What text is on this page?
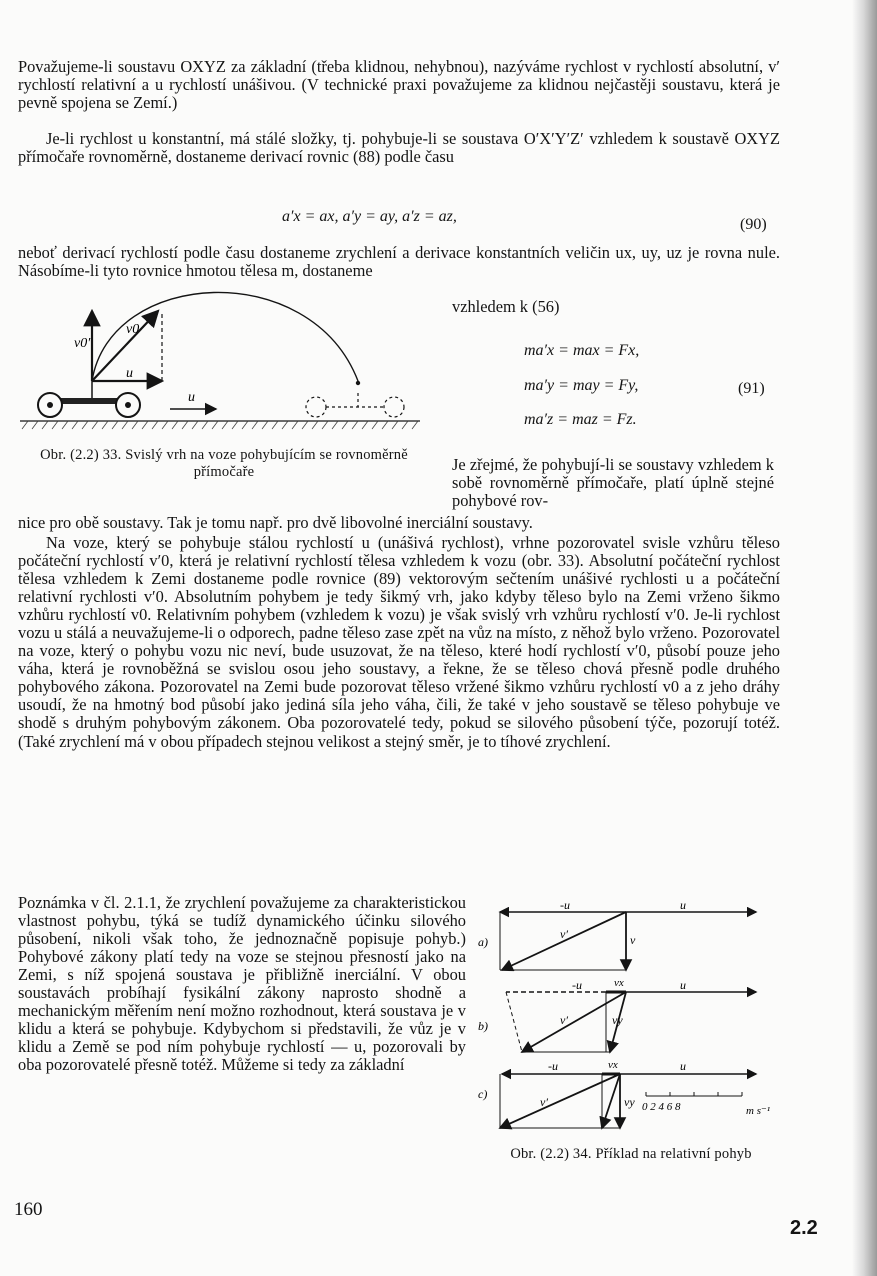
Považujeme-li soustavu OXYZ za základní (třeba klidnou, nehybnou), nazýváme rychlost v rychlostí absolutní, v′ rychlostí relativní a u rychlostí unášivou. (V technické praxi považujeme za klidnou nejčastěji soustavu, která je pevně spojena se Zemí.)

Je-li rychlost u konstantní, má stálé složky, tj. pohybuje-li se soustava O′X′Y′Z′ vzhledem k soustavě OXYZ přímočaře rovnoměrně, dostaneme derivací rovnic (88) podle času

a′x = ax, a′y = ay, a′z = az,	(90)

neboť derivací rychlostí podle času dostaneme zrychlení a derivace konstantních veličin ux, uy, uz je rovna nule. Násobíme-li tyto rovnice hmotou tělesa m, dostaneme

vzhledem k (56)
ma′x = max = Fx,
ma′y = may = Fy,
ma′z = maz = Fz.
(91)
v0′
v0
u
u
Obr. (2.2) 33. Svislý vrh na voze pohybujícím se rovnoměrně přímočaře	Je zřejmé, že pohybují-li se soustavy vzhledem k sobě rovnoměrně přímočaře, platí úplně stejné pohybové rov-

nice pro obě soustavy. Tak je tomu např. pro dvě libovolné inerciální soustavy.

Na voze, který se pohybuje stálou rychlostí u (unášivá rychlost), vrhne pozorovatel svisle vzhůru těleso počáteční rychlostí v′0, která je relativní rychlostí tělesa vzhledem k vozu (obr. 33). Absolutní počáteční rychlost tělesa vzhledem k Zemi dostaneme podle rovnice (89) vektorovým sečtením unášivé rychlosti u a počáteční relativní rychlosti v′0. Absolutním pohybem je tedy šikmý vrh, jako kdyby těleso bylo na Zemi vrženo šikmo vzhůru rychlostí v0. Relativním pohybem (vzhledem k vozu) je však svislý vrh vzhůru rychlostí v′0. Je-li rychlost vozu u stálá a neuvažujeme-li o odporech, padne těleso zase zpět na vůz na místo, z něhož bylo vrženo. Pozorovatel na voze, který o pohybu vozu nic neví, bude usuzovat, že na těleso, které hodí rychlostí v′0, působí pouze jeho váha, která je rovnoběžná se svislou osou jeho soustavy, a řekne, že se těleso chová přesně podle druhého pohybového zákona. Pozorovatel na Zemi bude pozorovat těleso vržené šikmo vzhůru rychlostí v0 a z jeho dráhy usoudí, že na hmotný bod působí jako jediná síla jeho váha, čili, že také v jeho soustavě se těleso pohybuje ve shodě s druhým pohybovým zákonem. Oba pozorovatelé tedy, pokud se silového působení týče, pozorují totéž. (Také zrychlení má v obou případech stejnou velikost a stejný směr, je to tíhové zrychlení.

Poznámka v čl. 2.1.1, že zrychlení považujeme za charakteristickou vlastnost pohybu, týká se tudíž dynamického účinku silového působení, nikoli však toho, že jednoznačně popisuje pohyb.) Pohybové zákony platí tedy na voze se stejnou přesností jako na Zemi, s níž spojená soustava je přibližně inerciální. V obou soustavách probíhají fysikální zákony naprosto shodně a mechanickým měřením není možno rozhodnout, která soustava je v klidu a která se pohybuje. Kdybychom si představili, že vůz je v klidu a Země se pod ním pohybuje rychlostí — u, pozorovali by oba pozorovatelé přesně totéž. Můžeme si tedy za základní

a)
-u	u
v
v′
b)
-u	u
vx
vy
v′
c)
-u	u
vx
vy
v′	0 2 4 6 8	m s⁻¹
Obr. (2.2) 34. Příklad na relativní pohyb
160
2.2
